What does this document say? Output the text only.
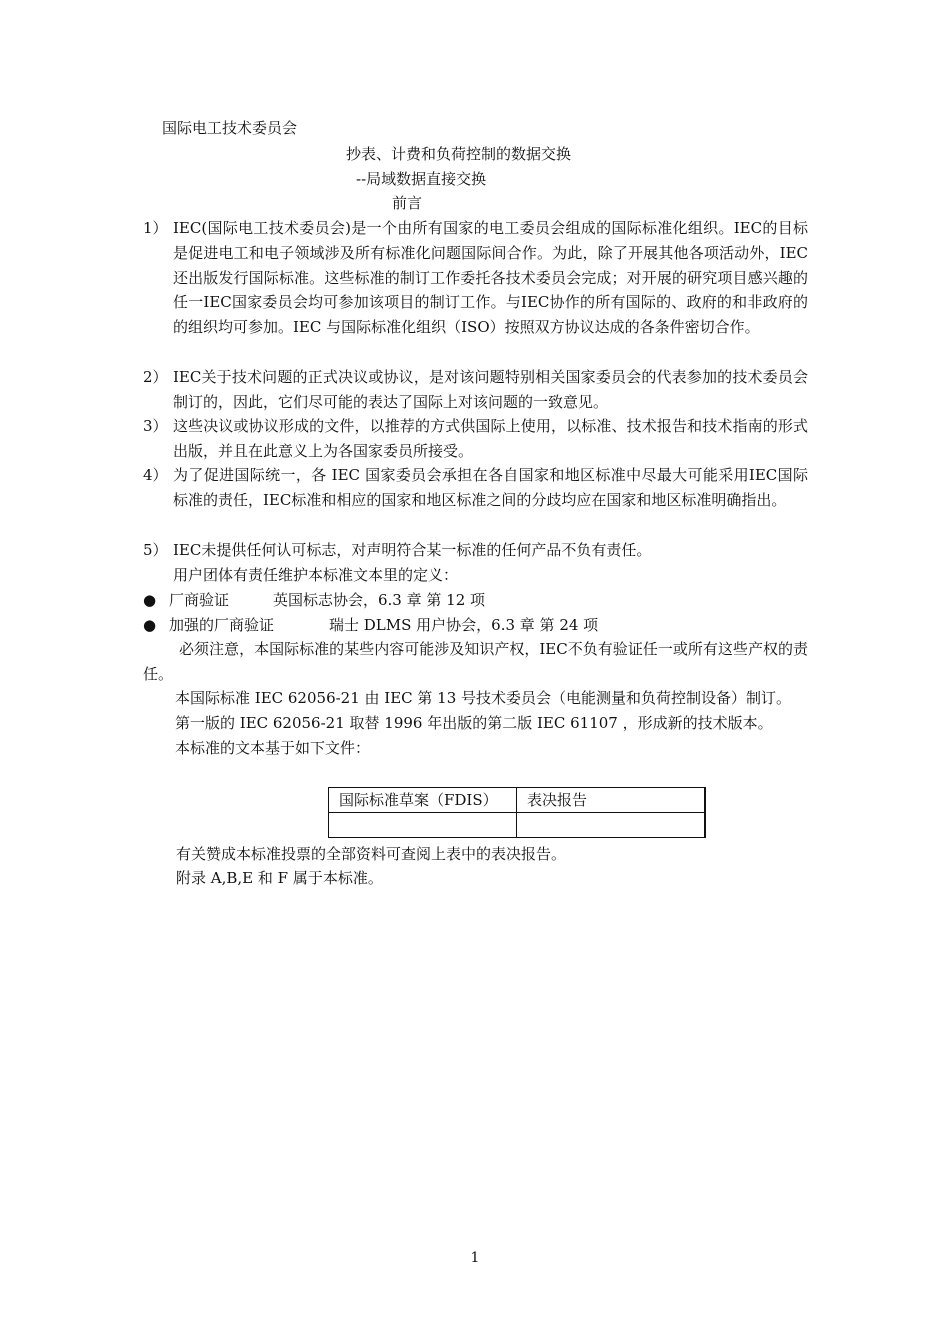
国际电工技术委员会
抄表、计费和负荷控制的数据交换
--局域数据直接交换
前言
1） IEC(国际电工技术委员会)是一个由所有国家的电工委员会组成的国际标准化组织。IEC的目标是促进电工和电子领域涉及所有标准化问题国际间合作。为此，除了开展其他各项活动外，IEC还出版发行国际标准。这些标准的制订工作委托各技术委员会完成；对开展的研究项目感兴趣的任一IEC国家委员会均可参加该项目的制订工作。与IEC协作的所有国际的、政府的和非政府的的组织均可参加。IEC 与国际标准化组织（ISO）按照双方协议达成的各条件密切合作。
2） IEC关于技术问题的正式决议或协议，是对该问题特别相关国家委员会的代表参加的技术委员会制订的，因此，它们尽可能的表达了国际上对该问题的一致意见。
3） 这些决议或协议形成的文件，以推荐的方式供国际上使用，以标准、技术报告和技术指南的形式出版，并且在此意义上为各国家委员所接受。
4） 为了促进国际统一，各 IEC 国家委员会承担在各自国家和地区标准中尽最大可能采用IEC国际标准的责任，IEC标准和相应的国家和地区标准之间的分歧均应在国家和地区标准明确指出。
5） IEC未提供任何认可标志，对声明符合某一标准的任何产品不负有责任。
用户团体有责任维护本标准文本里的定义：
● 厂商验证	英国标志协会，6.3 章 第 12 项
● 加强的厂商验证	瑞士 DLMS 用户协会，6.3 章 第 24 项
必须注意，本国际标准的某些内容可能涉及知识产权，IEC不负有验证任一或所有这些产权的责任。
本国际标准 IEC 62056-21 由 IEC 第 13 号技术委员会（电能测量和负荷控制设备）制订。
第一版的 IEC 62056-21 取替 1996 年出版的第二版 IEC 61107 ，形成新的技术版本。
本标准的文本基于如下文件：
国际标准草案（FDIS）	表决报告

有关赞成本标准投票的全部资料可查阅上表中的表决报告。
附录 A,B,E 和 F 属于本标准。
1
